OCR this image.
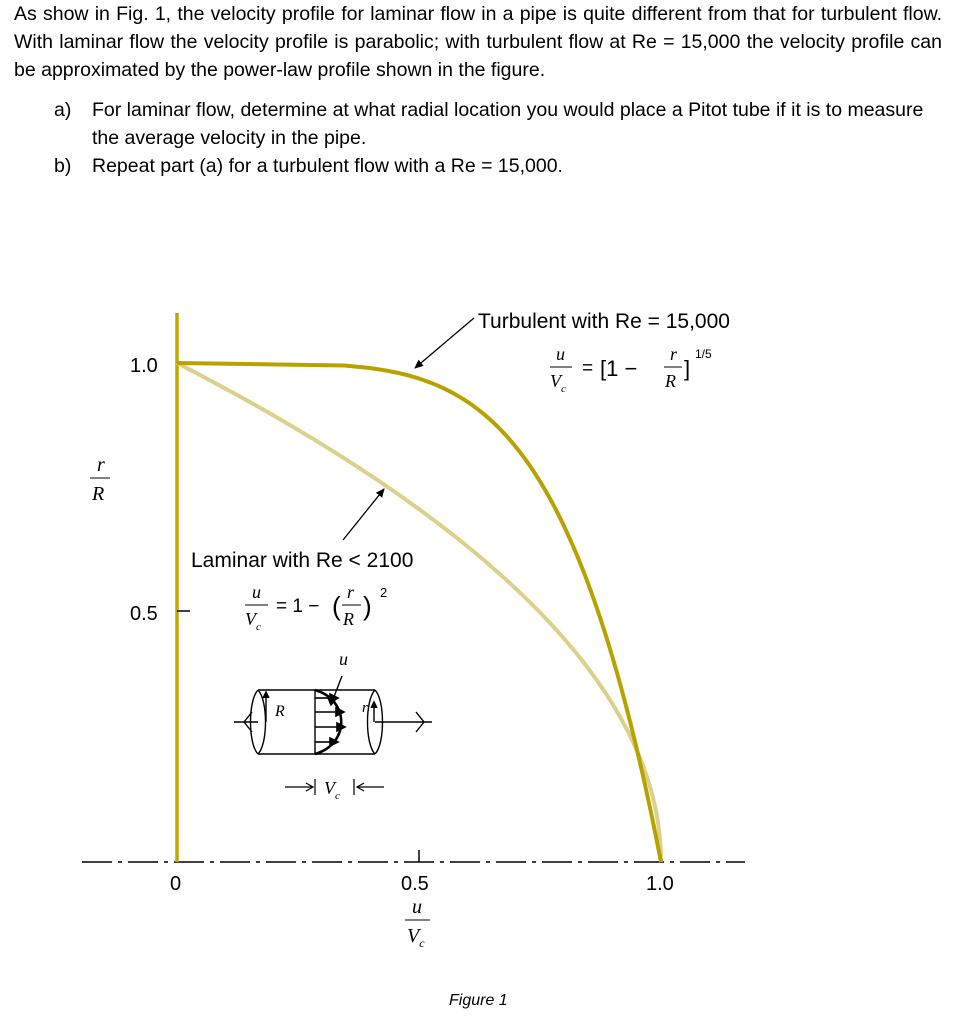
As show in Fig. 1, the velocity profile for laminar flow in a pipe is quite different from that for turbulent flow. With laminar flow the velocity profile is parabolic; with turbulent flow at Re = 15,000 the velocity profile can be approximated by the power-law profile shown in the figure.

a)	For laminar flow, determine at what radial location you would place a Pitot tube if it is to measure the average velocity in the pipe.
b)	Repeat part (a) for a turbulent flow with a Re = 15,000.
1.0
0.5
0	0.5	1.0
r
R
u
$V_c$
Turbulent with Re = 15,000
u
$V_c$
= [1 −
r
R ]
1/5
Laminar with Re < 2100
u
$V_c$
= 1 − ( r
R ) 2
R	r
u
$V_c$
Figure 1
